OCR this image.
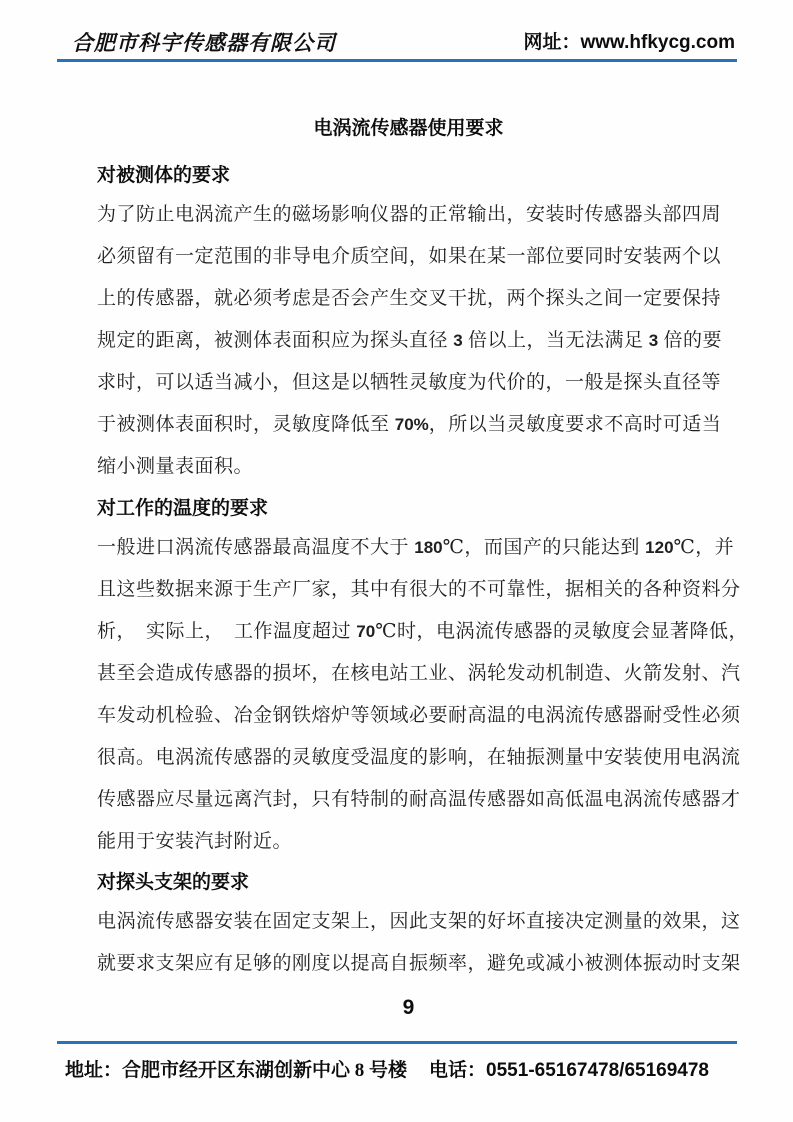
合肥市科宇传感器有限公司	网址：www.hfkycg.com
电涡流传感器使用要求
对被测体的要求
为了防止电涡流产生的磁场影响仪器的正常输出，安装时传感器头部四周
必须留有一定范围的非导电介质空间，如果在某一部位要同时安装两个以
上的传感器，就必须考虑是否会产生交叉干扰，两个探头之间一定要保持
规定的距离，被测体表面积应为探头直径 3 倍以上，当无法满足 3 倍的要
求时，可以适当减小，但这是以牺牲灵敏度为代价的，一般是探头直径等
于被测体表面积时，灵敏度降低至 70%，所以当灵敏度要求不高时可适当
缩小测量表面积。
对工作的温度的要求
一般进口涡流传感器最高温度不大于 180℃，而国产的只能达到 120℃，并
且这些数据来源于生产厂家，其中有很大的不可靠性，据相关的各种资料分
析，　实际上，　工作温度超过 70℃时，电涡流传感器的灵敏度会显著降低，
甚至会造成传感器的损坏，在核电站工业、涡轮发动机制造、火箭发射、汽
车发动机检验、冶金钢铁熔炉等领域必要耐高温的电涡流传感器耐受性必须
很高。电涡流传感器的灵敏度受温度的影响，在轴振测量中安装使用电涡流
传感器应尽量远离汽封，只有特制的耐高温传感器如高低温电涡流传感器才
能用于安装汽封附近。
对探头支架的要求
电涡流传感器安装在固定支架上，因此支架的好坏直接决定测量的效果，这
就要求支架应有足够的刚度以提高自振频率，避免或减小被测体振动时支架
9
地址：合肥市经开区东湖创新中心 8 号楼 电话：0551-65167478/65169478
